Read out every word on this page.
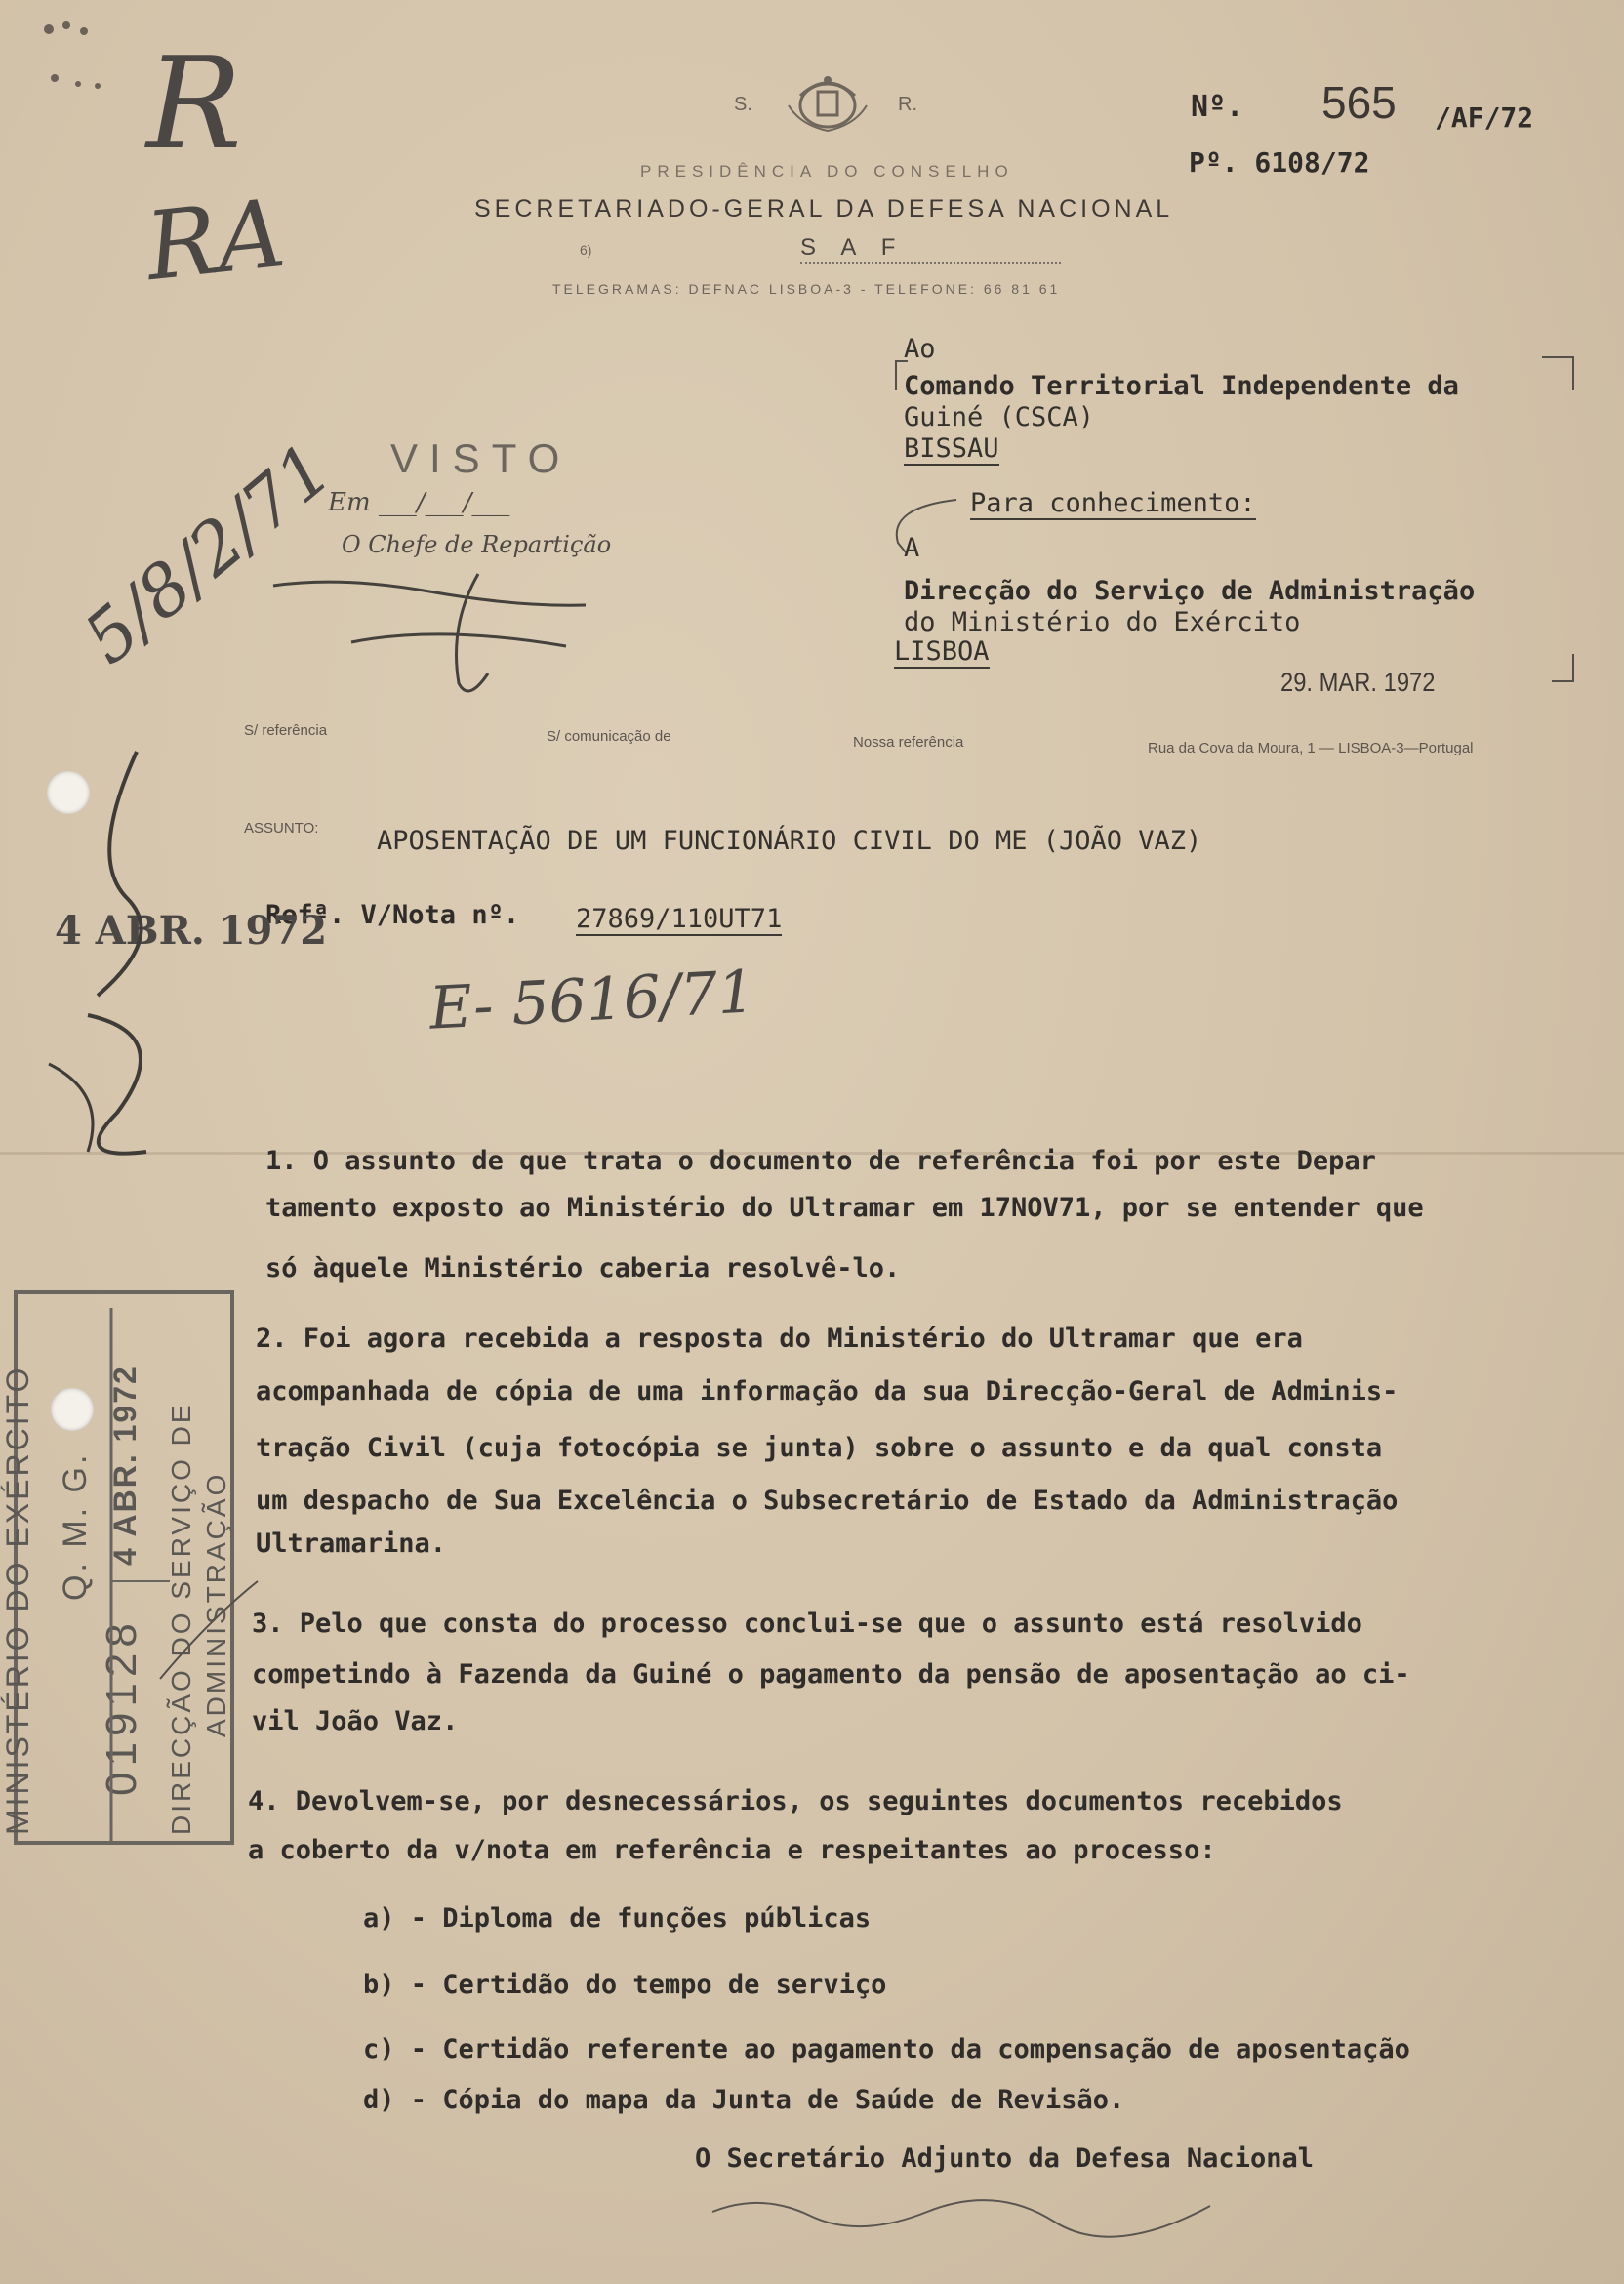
S.	R.
PRESIDÊNCIA DO CONSELHO
SECRETARIADO-GERAL DA DEFESA NACIONAL
6)	S A F
TELEGRAMAS: DEFNAC LISBOA-3 - TELEFONE: 66 81 61
Nº. 565 /AF/72
Pº. 6108/72
R
RA
Ao
Comando Territorial Independente da
Guiné (CSCA)
BISSAU
Para conhecimento:
A
Direcção do Serviço de Administração
do Ministério do Exército
LISBOA
29. MAR. 1972
VISTO
Em ___/___/___
O Chefe de Repartição
5/8/2/71
S/ referência	S/ comunicação de	Nossa referência	Rua da Cova da Moura, 1 — LISBOA-3—Portugal
ASSUNTO: APOSENTAÇÃO DE UM FUNCIONÁRIO CIVIL DO ME (JOÃO VAZ)
Refª. V/Nota nº. 27869/110UT71
4 ABR. 1972
E- 5616/71
1. O assunto de que trata o documento de referência foi por este Depar
tamento exposto ao Ministério do Ultramar em 17NOV71, por se entender que
só àquele Ministério caberia resolvê-lo.
2. Foi agora recebida a resposta do Ministério do Ultramar que era
acompanhada de cópia de uma informação da sua Direcção-Geral de Adminis-
tração Civil (cuja fotocópia se junta) sobre o assunto e da qual consta
um despacho de Sua Excelência o Subsecretário de Estado da Administração
Ultramarina.
3. Pelo que consta do processo conclui-se que o assunto está resolvido
competindo à Fazenda da Guiné o pagamento da pensão de aposentação ao ci-
vil João Vaz.
4. Devolvem-se, por desnecessários, os seguintes documentos recebidos
a coberto da v/nota em referência e respeitantes ao processo:
a) - Diploma de funções públicas
b) - Certidão do tempo de serviço
c) - Certidão referente ao pagamento da compensação de aposentação
d) - Cópia do mapa da Junta de Saúde de Revisão.
O Secretário Adjunto da Defesa Nacional
MINISTÉRIO DO EXÉRCITO Q. M. G.
019128
4 ABR. 1972 DIRECÇÃO DO SERVIÇO DE ADMINISTRAÇÃO
